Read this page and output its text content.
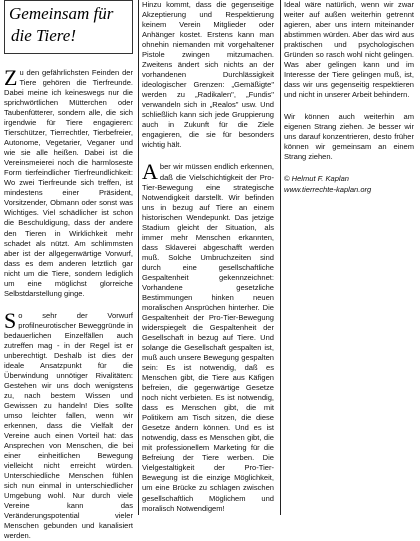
Gemeinsam für
die Tiere!

Zu den gefährlichsten Feinden der Tiere gehören die Tierfreunde. Dabei meine ich keineswegs nur die sprichwörtlichen Mütterchen oder Taubenfütterer, sondern alle, die sich irgendwie für Tiere engagieren: Tierschützer, Tierrechtler, Tierbefreier, Autonome, Vegetarier, Veganer und wie sie alle heißen. Dabei ist die Vereinsmeierei noch die harmloseste Form tierfeindlicher Tierfreundlichkeit: Wo zwei Tierfreunde sich treffen, ist mindestens einer Präsident, Vorsitzender, Obmann oder sonst was Wichtiges. Viel schädlicher ist schon die Beschuldigung, dass der andere den Tieren in Wirklichkeit mehr schadet als nützt. Am schlimmsten aber ist der allgegenwärtige Vorwurf, dass es dem anderen letztlich gar nicht um die Tiere, sondern lediglich um eine möglichst glorreiche Selbstdarstellung ginge.

So sehr der Vorwurf profilneurotischer Beweggründe in bedauerlichen Einzelfällen auch zutreffen mag - in der Regel ist er unberechtigt. Deshalb ist dies der ideale Ansatzpunkt für die Überwindung unnötiger Rivalitäten: Gestehen wir uns doch wenigstens zu, nach bestem Wissen und Gewissen zu handeln! Dies sollte umso leichter fallen, wenn wir erkennen, dass die Vielfalt der Vereine auch einen Vorteil hat: das Ansprechen von Menschen, die bei einer einheitlichen Bewegung vielleicht nicht erreicht würden. Unterschiedliche Menschen fühlen sich nun einmal in unterschiedlicher Umgebung wohl. Nur durch viele Vereine kann das Veränderungspotential vieler Menschen gebunden und kanalisiert werden.

Hinzu kommt, dass die gegenseitige Akzeptierung und Respektierung keinem Verein Mitglieder oder Anhänger kostet. Erstens kann man ohnehin niemanden mit vorgehaltener Pistole zwingen mitzumachen. Zweitens ändert sich nichts an der vorhandenen Durchlässigkeit ideologischer Grenzen: „Gemäßigte" werden zu „Radikalen", „Fundis" verwandeln sich in „Realos" usw. Und schließlich kann sich jede Gruppierung auch in Zukunft für die Ziele engagieren, die sie für besonders wichtig hält.

Aber wir müssen endlich erkennen, daß die Vielschichtigkeit der Pro-Tier-Bewegung eine strategische Notwendigkeit darstellt. Wir befinden uns in bezug auf Tiere an einem historischen Wendepunkt. Das jetzige Stadium gleicht der Situation, als immer mehr Menschen erkannten, dass Sklaverei abgeschafft werden muß. Solche Umbruchzeiten sind durch eine gesellschaftliche Gespaltenheit gekennzeichnet: Vorhandene gesetzliche Bestimmungen hinken neuen moralischen Ansprüchen hinterher. Die Gespaltenheit der Pro-Tier-Bewegung widerspiegelt die Gespaltenheit der Gesellschaft in bezug auf Tiere. Und solange die Gesellschaft gespalten ist, muß auch unsere Bewegung gespalten sein: Es ist notwendig, daß es Menschen gibt, die Tiere aus Käfigen befreien, die gegenwärtige Gesetze noch nicht verbieten. Es ist notwendig, dass es Menschen gibt, die mit Politikern am Tisch sitzen, die diese Gesetze ändern können. Und es ist notwendig, dass es Menschen gibt, die mit professionellem Marketing für die Befreiung der Tiere werben. Die Vielgestaltigkeit der Pro-Tier-Bewegung ist die einzige Möglichkeit, um eine Brücke zu schlagen zwischen gesellschaftlich Möglichem und moralisch Notwendigem!

Ideal wäre natürlich, wenn wir zwar weiter auf außen weiterhin getrennt agieren, aber uns intern miteinander abstimmen würden. Aber das wird aus praktischen und psychologischen Gründen so rasch wohl nicht gelingen. Was aber gelingen kann und im Interesse der Tiere gelingen muß, ist, dass wir uns gegenseitig respektieren und nicht in unserer Arbeit behindern.

Wir können auch weiterhin am eigenen Strang ziehen. Je besser wir uns darauf konzentrieren, desto früher können wir gemeinsam an einem Strang ziehen.

© Helmut F. Kaplan
www.tierrechte-kaplan.org
